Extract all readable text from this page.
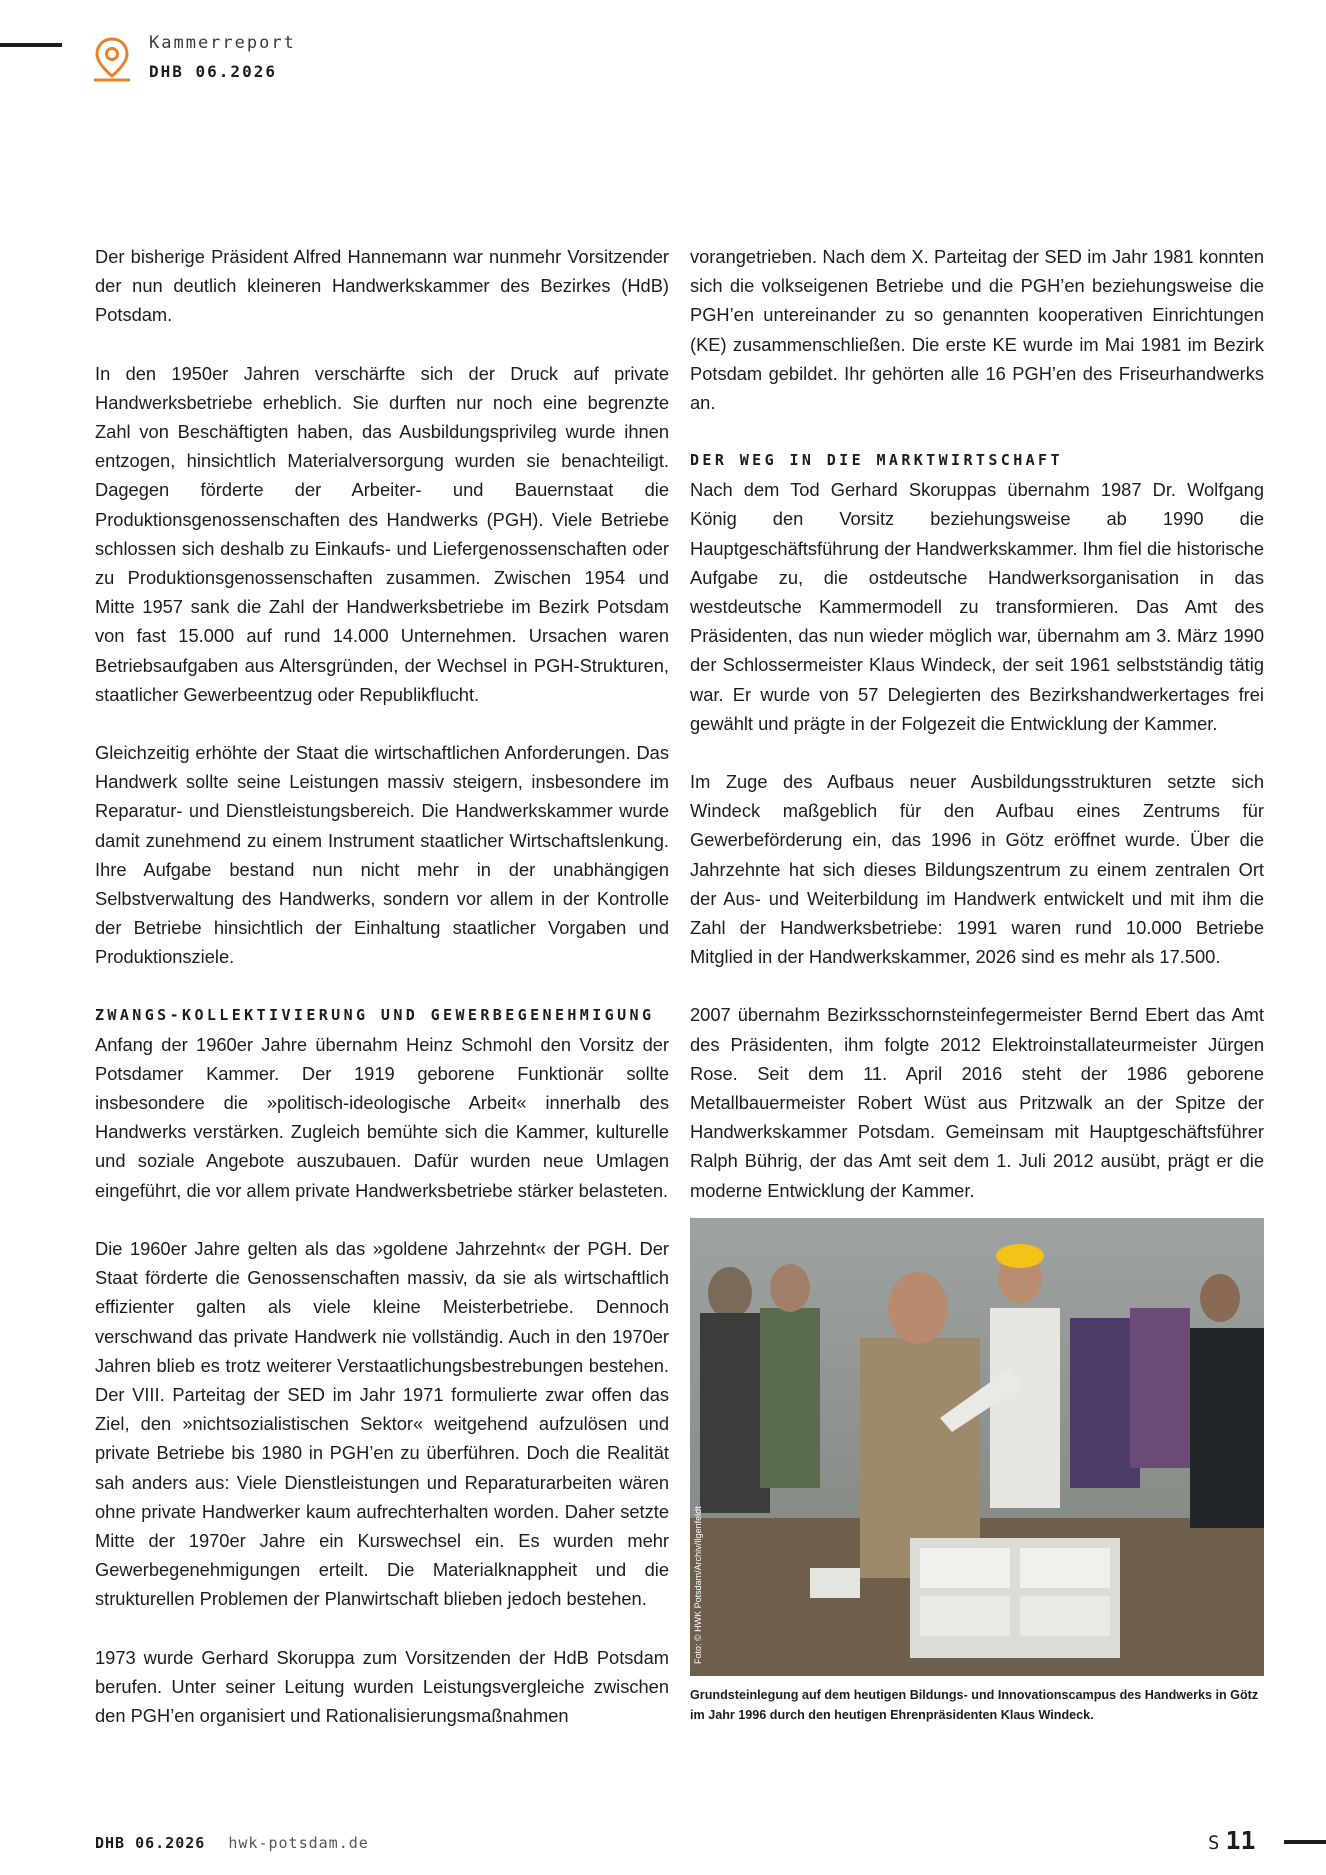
Kammerreport
DHB 06.2026

Der bisherige Präsident Alfred Hannemann war nunmehr Vorsitzender der nun deutlich kleineren Handwerkskammer des Bezirkes (HdB) Potsdam.

In den 1950er Jahren verschärfte sich der Druck auf private Handwerksbetriebe erheblich. Sie durften nur noch eine begrenzte Zahl von Beschäftigten haben, das Ausbildungsprivileg wurde ihnen entzogen, hinsichtlich Materialversorgung wurden sie benachteiligt. Dagegen förderte der Arbeiter- und Bauernstaat die Produktionsgenossenschaften des Handwerks (PGH). Viele Betriebe schlossen sich deshalb zu Einkaufs- und Liefergenossenschaften oder zu Produktionsgenossenschaften zusammen. Zwischen 1954 und Mitte 1957 sank die Zahl der Handwerksbetriebe im Bezirk Potsdam von fast 15.000 auf rund 14.000 Unternehmen. Ursachen waren Betriebsaufgaben aus Altersgründen, der Wechsel in PGH-Strukturen, staatlicher Gewerbeentzug oder Republikflucht.

Gleichzeitig erhöhte der Staat die wirtschaftlichen Anforderungen. Das Handwerk sollte seine Leistungen massiv steigern, insbesondere im Reparatur- und Dienstleistungsbereich. Die Handwerkskammer wurde damit zunehmend zu einem Instrument staatlicher Wirtschaftslenkung. Ihre Aufgabe bestand nun nicht mehr in der unabhängigen Selbstverwaltung des Handwerks, sondern vor allem in der Kontrolle der Betriebe hinsichtlich der Einhaltung staatlicher Vorgaben und Produktionsziele.

ZWANGS-KOLLEKTIVIERUNG UND GEWERBEGENEHMIGUNG

Anfang der 1960er Jahre übernahm Heinz Schmohl den Vorsitz der Potsdamer Kammer. Der 1919 geborene Funktionär sollte insbesondere die »politisch-ideologische Arbeit« innerhalb des Handwerks verstärken. Zugleich bemühte sich die Kammer, kulturelle und soziale Angebote auszubauen. Dafür wurden neue Umlagen eingeführt, die vor allem private Handwerksbetriebe stärker belasteten.

Die 1960er Jahre gelten als das »goldene Jahrzehnt« der PGH. Der Staat förderte die Genossenschaften massiv, da sie als wirtschaftlich effizienter galten als viele kleine Meisterbetriebe. Dennoch verschwand das private Handwerk nie vollständig. Auch in den 1970er Jahren blieb es trotz weiterer Verstaatlichungsbestrebungen bestehen. Der VIII. Parteitag der SED im Jahr 1971 formulierte zwar offen das Ziel, den »nichtsozialistischen Sektor« weitgehend aufzulösen und private Betriebe bis 1980 in PGH’en zu überführen. Doch die Realität sah anders aus: Viele Dienstleistungen und Reparaturarbeiten wären ohne private Handwerker kaum aufrechterhalten worden. Daher setzte Mitte der 1970er Jahre ein Kurswechsel ein. Es wurden mehr Gewerbegenehmigungen erteilt. Die Materialknappheit und die strukturellen Problemen der Planwirtschaft blieben jedoch bestehen.

1973 wurde Gerhard Skoruppa zum Vorsitzenden der HdB Potsdam berufen. Unter seiner Leitung wurden Leistungsvergleiche zwischen den PGH’en organisiert und Rationalisierungsmaßnahmen

vorangetrieben. Nach dem X. Parteitag der SED im Jahr 1981 konnten sich die volkseigenen Betriebe und die PGH’en beziehungsweise die PGH’en untereinander zu so genannten kooperativen Einrichtungen (KE) zusammenschließen. Die erste KE wurde im Mai 1981 im Bezirk Potsdam gebildet. Ihr gehörten alle 16 PGH’en des Friseurhandwerks an.

DER WEG IN DIE MARKTWIRTSCHAFT

Nach dem Tod Gerhard Skoruppas übernahm 1987 Dr. Wolfgang König den Vorsitz beziehungsweise ab 1990 die Hauptgeschäftsführung der Handwerkskammer. Ihm fiel die historische Aufgabe zu, die ostdeutsche Handwerksorganisation in das westdeutsche Kammermodell zu transformieren. Das Amt des Präsidenten, das nun wieder möglich war, übernahm am 3. März 1990 der Schlossermeister Klaus Windeck, der seit 1961 selbstständig tätig war. Er wurde von 57 Delegierten des Bezirkshandwerkertages frei gewählt und prägte in der Folgezeit die Entwicklung der Kammer.

Im Zuge des Aufbaus neuer Ausbildungsstrukturen setzte sich Windeck maßgeblich für den Aufbau eines Zentrums für Gewerbeförderung ein, das 1996 in Götz eröffnet wurde. Über die Jahrzehnte hat sich dieses Bildungszentrum zu einem zentralen Ort der Aus- und Weiterbildung im Handwerk entwickelt und mit ihm die Zahl der Handwerksbetriebe: 1991 waren rund 10.000 Betriebe Mitglied in der Handwerkskammer, 2026 sind es mehr als 17.500.

2007 übernahm Bezirksschornsteinfegermeister Bernd Ebert das Amt des Präsidenten, ihm folgte 2012 Elektroinstallateurmeister Jürgen Rose. Seit dem 11. April 2016 steht der 1986 geborene Metallbauermeister Robert Wüst aus Pritzwalk an der Spitze der Handwerkskammer Potsdam. Gemeinsam mit Hauptgeschäftsführer Ralph Bührig, der das Amt seit dem 1. Juli 2012 ausübt, prägt er die moderne Entwicklung der Kammer.

Foto: © HWK Potsdam/Archiv/Ilgenfeldt
Grundsteinlegung auf dem heutigen Bildungs- und Innovationscampus des Handwerks in Götz
im Jahr 1996 durch den heutigen Ehrenpräsidenten Klaus Windeck.
DHB 06.2026 hwk-potsdam.de	S 11
